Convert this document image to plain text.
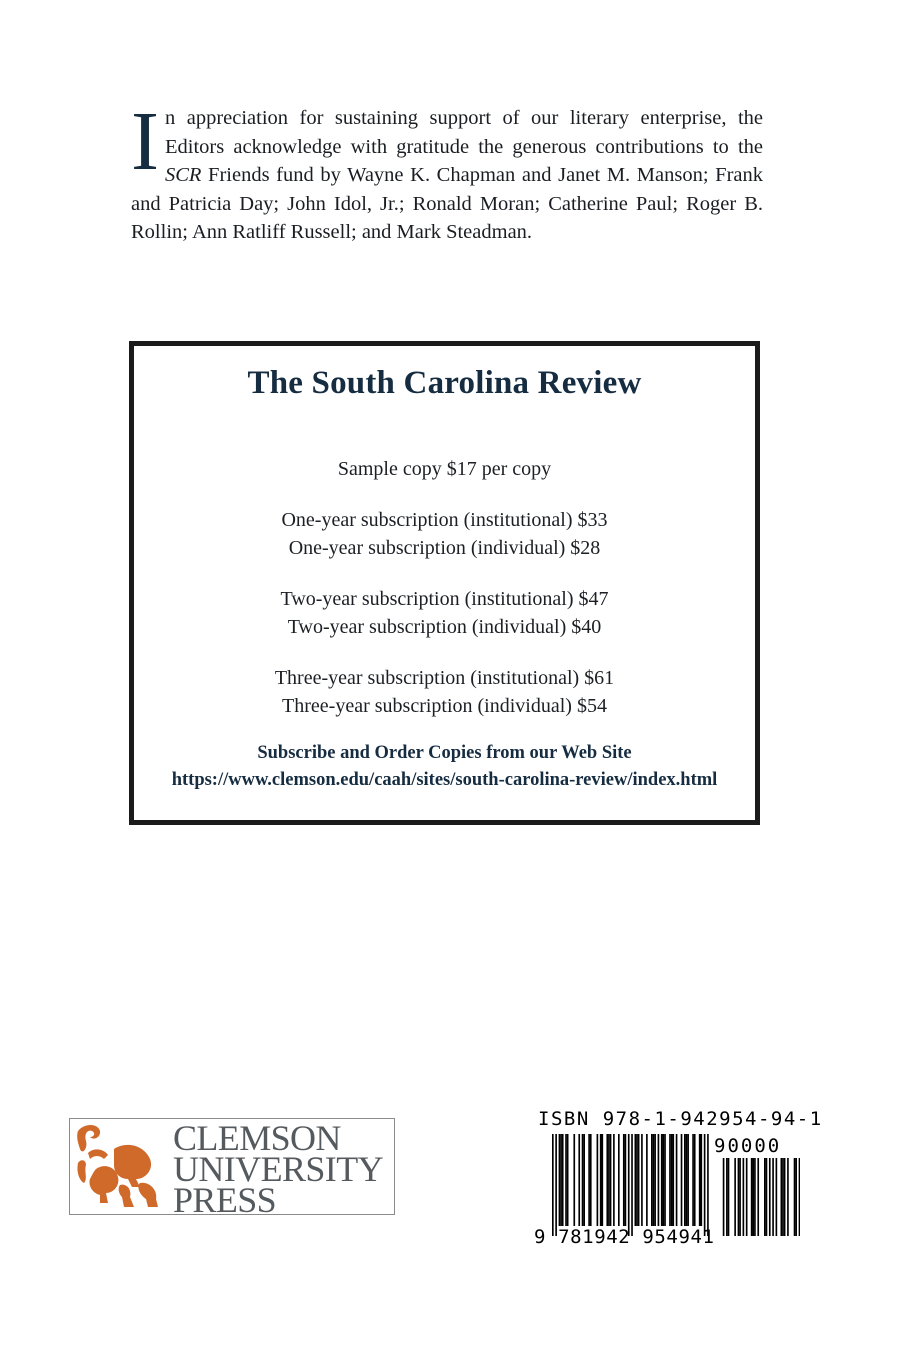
In appreciation for sustaining support of our literary enterprise, the Editors acknowledge with gratitude the generous contributions to the SCR Friends fund by Wayne K. Chapman and Janet M. Manson; Frank and Patricia Day; John Idol, Jr.; Ronald Moran; Catherine Paul; Roger B. Rollin; Ann Ratliff Russell; and Mark Steadman.
The South Carolina Review
Sample copy $17 per copy
One-year subscription (institutional) $33
One-year subscription (individual) $28
Two-year subscription (institutional) $47
Two-year subscription (individual) $40
Three-year subscription (institutional) $61
Three-year subscription (individual) $54
Subscribe and Order Copies from our Web Site
https://www.clemson.edu/caah/sites/south-carolina-review/index.html
CLEMSON
UNIVERSITY
PRESS
ISBN 978-1-942954-94-1
90000
9 781942 954941
